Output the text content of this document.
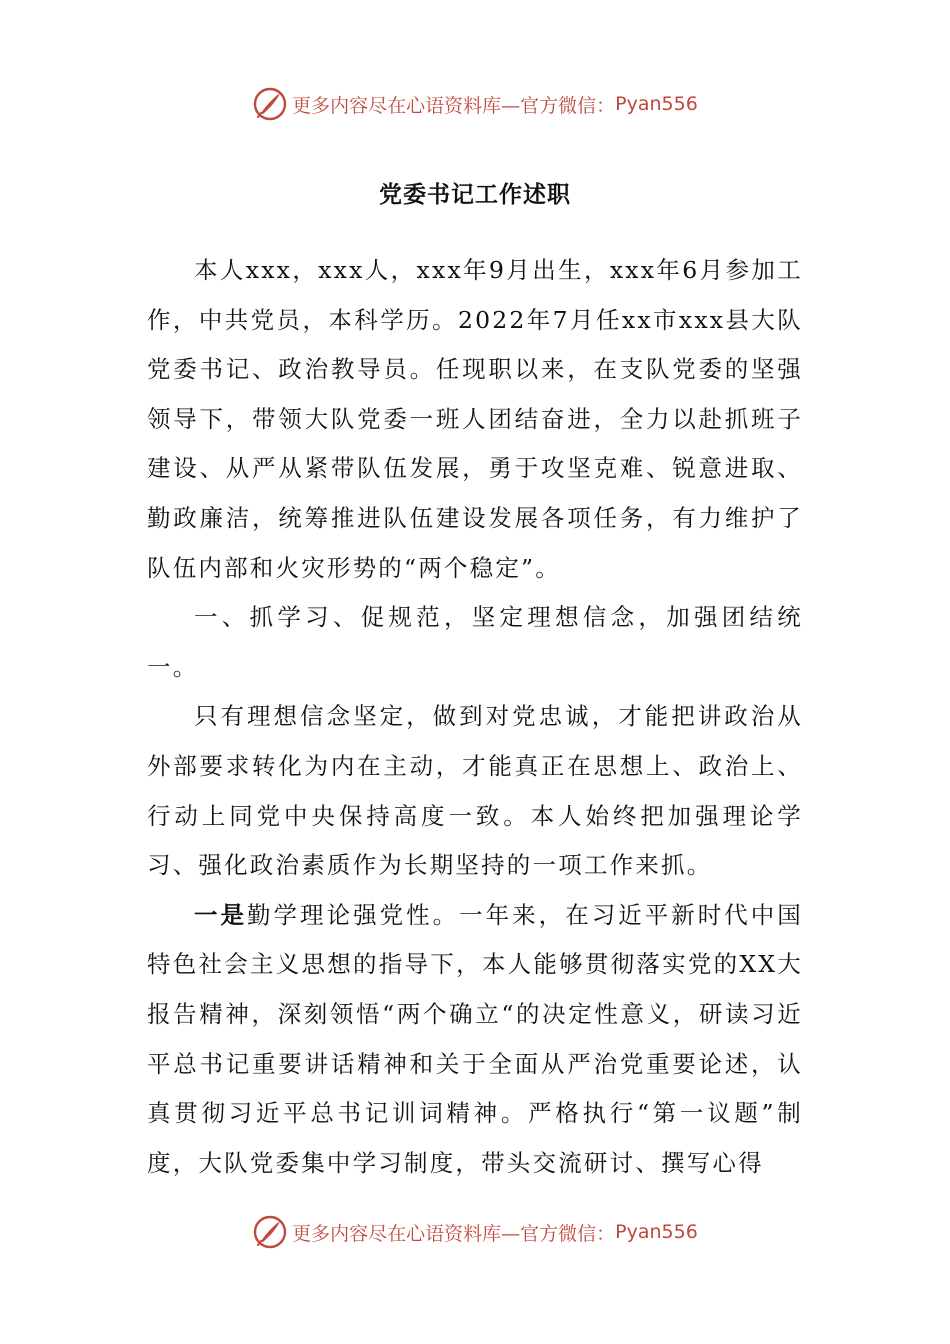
更多内容尽在心语资料库—官方微信： Pyan556
党委书记工作述职

本人xxx，xxx人，xxx年9月出生，xxx年6月参加工作，中共党员，本科学历。2022年7月任xx市xxx县大队党委书记、政治教导员。任现职以来，在支队党委的坚强领导下，带领大队党委一班人团结奋进，全力以赴抓班子建设、从严从紧带队伍发展，勇于攻坚克难、锐意进取、勤政廉洁，统筹推进队伍建设发展各项任务，有力维护了队伍内部和火灾形势的“两个稳定”。

一、抓学习、促规范，坚定理想信念，加强团结统一。

只有理想信念坚定，做到对党忠诚，才能把讲政治从外部要求转化为内在主动，才能真正在思想上、政治上、行动上同党中央保持高度一致。本人始终把加强理论学习、强化政治素质作为长期坚持的一项工作来抓。

一是勤学理论强党性。一年来，在习近平新时代中国特色社会主义思想的指导下，本人能够贯彻落实党的XX大报告精神，深刻领悟“两个确立“的决定性意义，研读习近平总书记重要讲话精神和关于全面从严治党重要论述，认真贯彻习近平总书记训词精神。严格执行“第一议题”制度，大队党委集中学习制度，带头交流研讨、撰写心得

更多内容尽在心语资料库—官方微信： Pyan556
